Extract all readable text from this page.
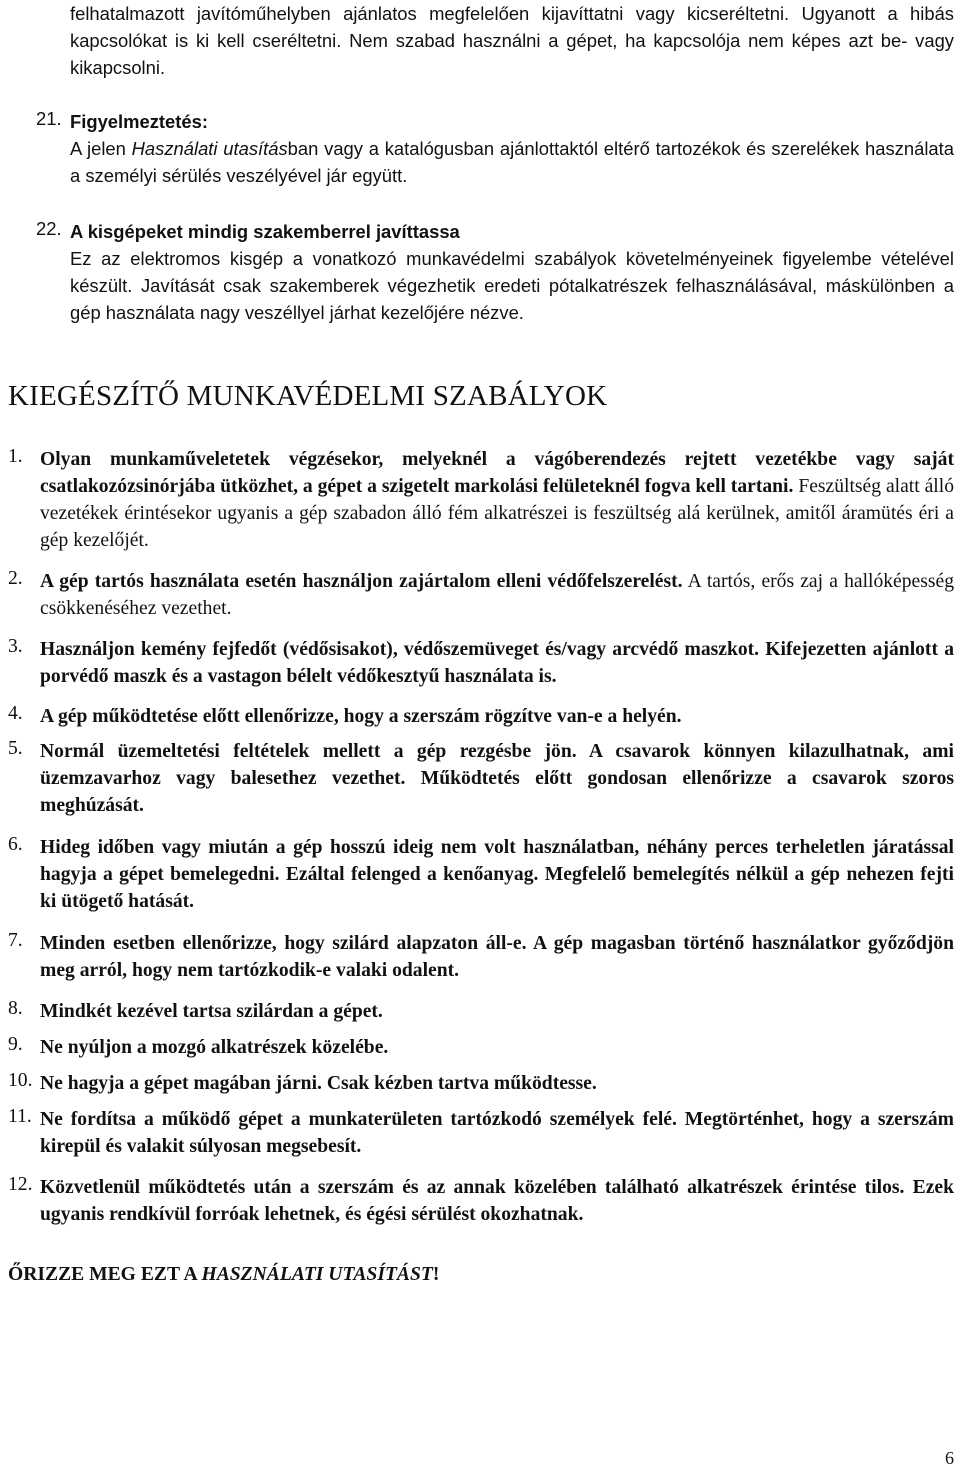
felhatalmazott javítóműhelyben ajánlatos megfelelően kijavíttatni vagy kicseréltetni. Ugyanott a hibás kapcsolókat is ki kell cseréltetni. Nem szabad használni a gépet, ha kapcsolója nem képes azt be- vagy kikapcsolni.
21. Figyelmeztetés:
A jelen Használati utasításban vagy a katalógusban ajánlottaktól eltérő tartozékok és szerelékek használata a személyi sérülés veszélyével jár együtt.
22. A kisgépeket mindig szakemberrel javíttassa
Ez az elektromos kisgép a vonatkozó munkavédelmi szabályok követelményeinek figyelembe vételével készült. Javítását csak szakemberek végezhetik eredeti pótalkatrészek felhasználásával, máskülönben a gép használata nagy veszéllyel járhat kezelőjére nézve.
KIEGÉSZÍTŐ MUNKAVÉDELMI SZABÁLYOK
1. Olyan munkaműveletetek végzésekor, melyeknél a vágóberendezés rejtett vezetékbe vagy saját csatlakozózsinórjába ütközhet, a gépet a szigetelt markolási felületeknél fogva kell tartani. Feszültség alatt álló vezetékek érintésekor ugyanis a gép szabadon álló fém alkatrészei is feszültség alá kerülnek, amitől áramütés éri a gép kezelőjét.
2. A gép tartós használata esetén használjon zajártalom elleni védőfelszerelést. A tartós, erős zaj a hallóképesség csökkenéséhez vezethet.
3. Használjon kemény fejfedőt (védősisakot), védőszemüveget és/vagy arcvédő maszkot. Kifejezetten ajánlott a porvédő maszk és a vastagon bélelt védőkesztyű használata is.
4. A gép működtetése előtt ellenőrizze, hogy a szerszám rögzítve van-e a helyén.
5. Normál üzemeltetési feltételek mellett a gép rezgésbe jön. A csavarok könnyen kilazulhatnak, ami üzemzavarhoz vagy balesethez vezethet. Működtetés előtt gondosan ellenőrizze a csavarok szoros meghúzását.
6. Hideg időben vagy miután a gép hosszú ideig nem volt használatban, néhány perces terheletlen járatással hagyja a gépet bemelegedni. Ezáltal felenged a kenőanyag. Megfelelő bemelegítés nélkül a gép nehezen fejti ki ütögető hatását.
7. Minden esetben ellenőrizze, hogy szilárd alapzaton áll-e. A gép magasban történő használatkor győződjön meg arról, hogy nem tartózkodik-e valaki odalent.
8. Mindkét kezével tartsa szilárdan a gépet.
9. Ne nyúljon a mozgó alkatrészek közelébe.
10. Ne hagyja a gépet magában járni. Csak kézben tartva működtesse.
11. Ne fordítsa a működő gépet a munkaterületen tartózkodó személyek felé. Megtörténhet, hogy a szerszám kirepül és valakit súlyosan megsebesít.
12. Közvetlenül működtetés után a szerszám és az annak közelében található alkatrészek érintése tilos. Ezek ugyanis rendkívül forróak lehetnek, és égési sérülést okozhatnak.
ŐRIZZE MEG EZT A HASZNÁLATI UTASÍTÁST!
6
